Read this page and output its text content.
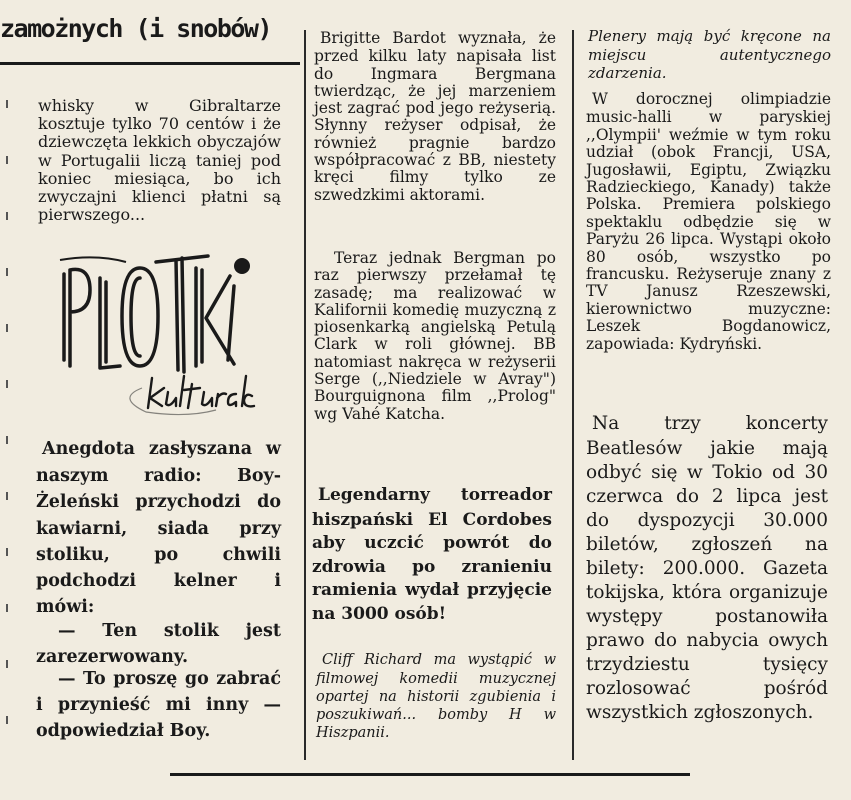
zamożnych (i snobów)

whisky w Gibraltarze kosztuje tylko 70 centów i że dziewczęta lekkich obyczajów w Portugalii liczą taniej pod koniec miesiąca, bo ich zwyczajni klienci płatni są pierwszego...

Anegdota zasłyszana w naszym radio: Boy-Żeleński przychodzi do kawiarni, siada przy stoliku, po chwili podchodzi kelner i mówi:

— Ten stolik jest zarezerwowany.

— To proszę go zabrać i przynieść mi inny — odpowiedział Boy.

Brigitte Bardot wyznała, że przed kilku laty napisała list do Ingmara Bergmana twierdząc, że jej marzeniem jest zagrać pod jego reżyserią. Słynny reżyser odpisał, że również pragnie bardzo współpracować z BB, niestety kręci filmy tylko ze szwedzkimi aktorami.

Teraz jednak Bergman po raz pierwszy przełamał tę zasadę; ma realizować w Kalifornii komedię muzyczną z piosenkarką angielską Petulą Clark w roli głównej. BB natomiast nakręca w reżyserii Serge (,,Niedziele w Avray") Bourguignona film ,,Prolog" wg Vahé Katcha.

Legendarny torreador hiszpański El Cordobes aby uczcić powrót do zdrowia po zranieniu ramienia wydał przyjęcie na 3000 osób!

Cliff Richard ma wystąpić w filmowej komedii muzycznej opartej na historii zgubienia i poszukiwań... bomby H w Hiszpanii.

Plenery mają być kręcone na miejscu autentycznego zdarzenia.

W dorocznej olimpiadzie music-halli w paryskiej ,,Olympii' weźmie w tym roku udział (obok Francji, USA, Jugosławii, Egiptu, Związku Radzieckiego, Kanady) także Polska. Premiera polskiego spektaklu odbędzie się w Paryżu 26 lipca. Wystąpi około 80 osób, wszystko po francusku. Reżyseruje znany z TV Janusz Rzeszewski, kierownictwo muzyczne: Leszek Bogdanowicz, zapowiada: Kydryński.

Na trzy koncerty Beatlesów jakie mają odbyć się w Tokio od 30 czerwca do 2 lipca jest do dyspozycji 30.000 biletów, zgłoszeń na bilety: 200.000. Gazeta tokijska, która organizuje występy postanowiła prawo do nabycia owych trzydziestu tysięcy rozlosować pośród wszystkich zgłoszonych.
